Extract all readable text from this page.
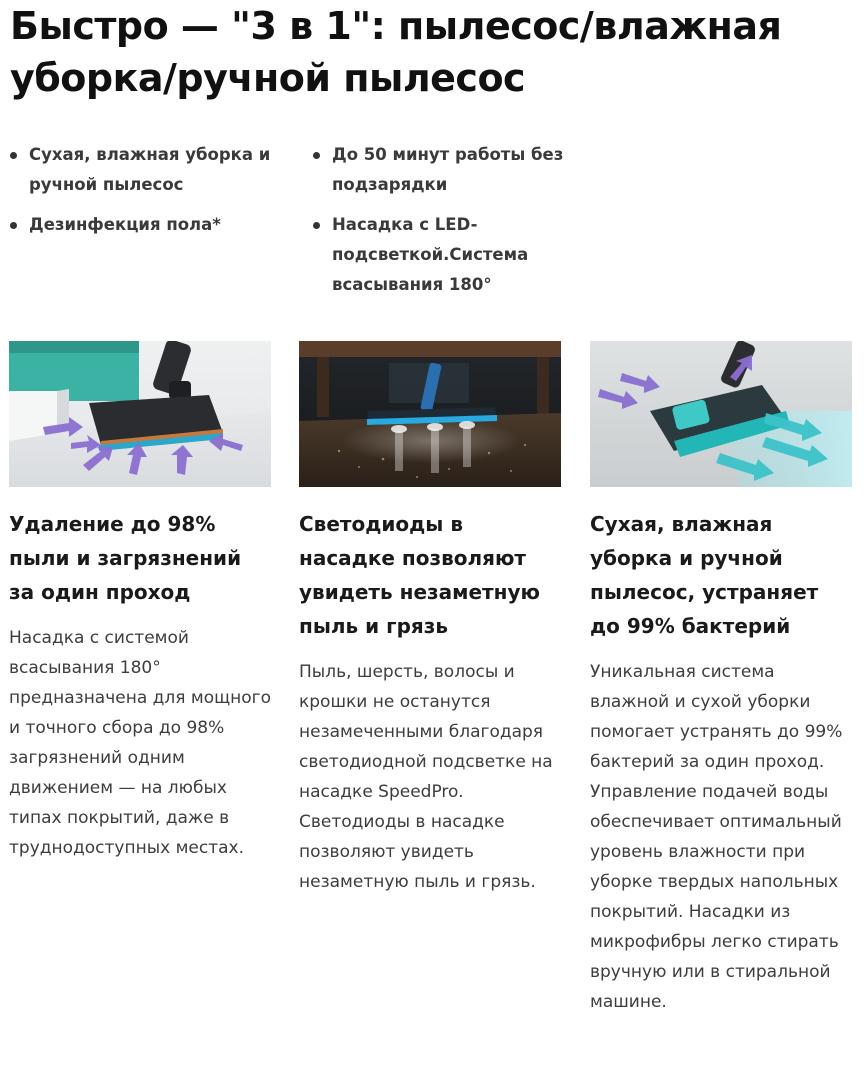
Быстро — "3 в 1": пылесос/влажная уборка/ручной пылесос
Сухая, влажная уборка и ручной пылесос
Дезинфекция пола*
До 50 минут работы без подзарядки
Насадка с LED-подсветкой.Система всасывания 180°
Удаление до 98% пыли и загрязнений за один проход
Насадка с системой всасывания 180° предназначена для мощного и точного сбора до 98% загрязнений одним движением — на любых типах покрытий, даже в труднодоступных местах.
Светодиоды в насадке позволяют увидеть незаметную пыль и грязь
Пыль, шерсть, волосы и крошки не останутся незамеченными благодаря светодиодной подсветке на насадке SpeedPro. Светодиоды в насадке позволяют увидеть незаметную пыль и грязь.
Сухая, влажная уборка и ручной пылесос, устраняет до 99% бактерий
Уникальная система влажной и сухой уборки помогает устранять до 99% бактерий за один проход. Управление подачей воды обеспечивает оптимальный уровень влажности при уборке твердых напольных покрытий. Насадки из микрофибры легко стирать вручную или в стиральной машине.
